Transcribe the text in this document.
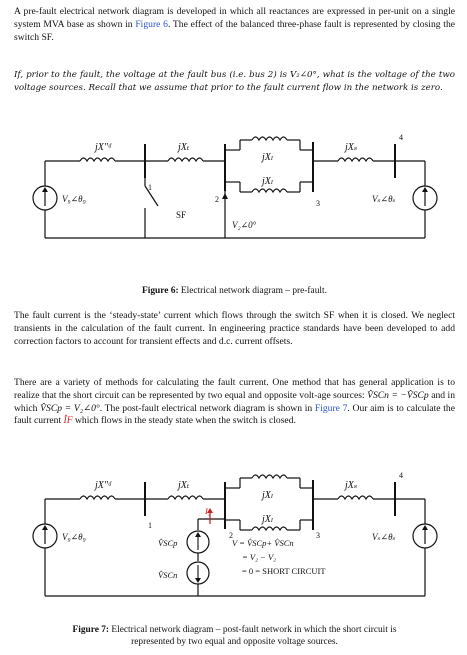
A pre-fault electrical network diagram is developed in which all reactances are expressed in per-unit on a single system MVA base as shown in Figure 6. The effect of the balanced three-phase fault is represented by closing the switch SF.
If, prior to the fault, the voltage at the fault bus (i.e. bus 2) is V₂∠0°, what is the voltage of the two voltage sources. Recall that we assume that prior to the fault current flow in the network is zero.
jX″ᵈ	jXₜ
jXₗ
jXₗ
jXₛ
V₉∠θ₉	Vₛ∠θₛ
SF
V₂∠0°
1
2	3
4
Figure 6: Electrical network diagram – pre-fault.
The fault current is the ‘steady-state’ current which flows through the switch SF when it is closed. We neglect transients in the calculation of the fault current. In engineering practice standards have been developed to add correction factors to account for transient effects and d.c. current offsets.
There are a variety of methods for calculating the fault current. One method that has general application is to realize that the short circuit can be represented by two equal and opposite volt-age sources: V̂SCn = −V̂SCp and in which V̂SCp = V₂∠0°. The post-fault electrical network diagram is shown in Figure 7. Our aim is to calculate the fault current ÎF which flows in the steady state when the switch is closed.
jX″ᵈ	jXₜ
jXₗ
jXₗ
jXₛ
V₉∠θ₉	Vₛ∠θₛ
I₂
V̂SCp
V̂SCn
V = V̂SCp+ V̂SCn
= V₂ − V₂
= 0 = SHORT CIRCUIT
1
2	3
4
Figure 7: Electrical network diagram – post-fault network in which the short circuit is
represented by two equal and opposite voltage sources.
